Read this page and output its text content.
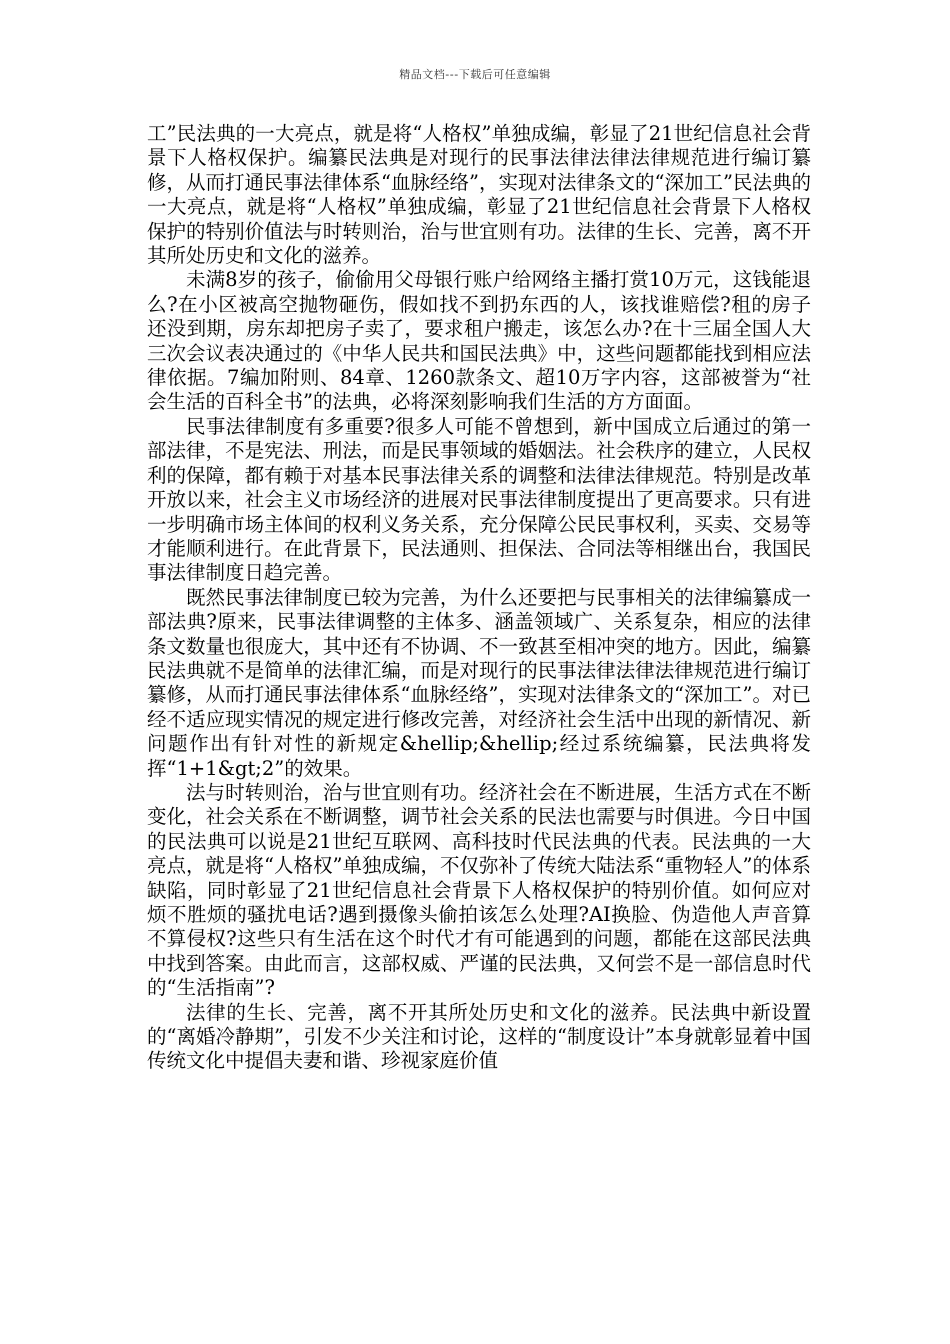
精品文档---下载后可任意编辑

工”民法典的一大亮点，就是将“人格权”单独成编，彰显了21世纪信息社会背景下人格权保护。编纂民法典是对现行的民事法律法律法律规范进行编订纂修，从而打通民事法律体系“血脉经络”，实现对法律条文的“深加工”民法典的一大亮点，就是将“人格权”单独成编，彰显了21世纪信息社会背景下人格权保护的特别价值法与时转则治，治与世宜则有功。法律的生长、完善，离不开其所处历史和文化的滋养。

未满8岁的孩子，偷偷用父母银行账户给网络主播打赏10万元，这钱能退么?在小区被高空抛物砸伤，假如找不到扔东西的人，该找谁赔偿?租的房子还没到期，房东却把房子卖了，要求租户搬走，该怎么办?在十三届全国人大三次会议表决通过的《中华人民共和国民法典》中，这些问题都能找到相应法律依据。7编加附则、84章、1260款条文、超10万字内容，这部被誉为“社会生活的百科全书”的法典，必将深刻影响我们生活的方方面面。

民事法律制度有多重要?很多人可能不曾想到，新中国成立后通过的第一部法律，不是宪法、刑法，而是民事领域的婚姻法。社会秩序的建立，人民权利的保障，都有赖于对基本民事法律关系的调整和法律法律规范。特别是改革开放以来，社会主义市场经济的进展对民事法律制度提出了更高要求。只有进一步明确市场主体间的权利义务关系，充分保障公民民事权利，买卖、交易等才能顺利进行。在此背景下，民法通则、担保法、合同法等相继出台，我国民事法律制度日趋完善。

既然民事法律制度已较为完善，为什么还要把与民事相关的法律编纂成一部法典?原来，民事法律调整的主体多、涵盖领域广、关系复杂，相应的法律条文数量也很庞大，其中还有不协调、不一致甚至相冲突的地方。因此，编纂民法典就不是简单的法律汇编，而是对现行的民事法律法律法律规范进行编订纂修，从而打通民事法律体系“血脉经络”，实现对法律条文的“深加工”。对已经不适应现实情况的规定进行修改完善，对经济社会生活中出现的新情况、新问题作出有针对性的新规定&hellip;&hellip;经过系统编纂，民法典将发挥“1+1&gt;2”的效果。

法与时转则治，治与世宜则有功。经济社会在不断进展，生活方式在不断变化，社会关系在不断调整，调节社会关系的民法也需要与时俱进。今日中国的民法典可以说是21世纪互联网、高科技时代民法典的代表。民法典的一大亮点，就是将“人格权”单独成编，不仅弥补了传统大陆法系“重物轻人”的体系缺陷，同时彰显了21世纪信息社会背景下人格权保护的特别价值。如何应对烦不胜烦的骚扰电话?遇到摄像头偷拍该怎么处理?AI换脸、伪造他人声音算不算侵权?这些只有生活在这个时代才有可能遇到的问题，都能在这部民法典中找到答案。由此而言，这部权威、严谨的民法典，又何尝不是一部信息时代的“生活指南”?

法律的生长、完善，离不开其所处历史和文化的滋养。民法典中新设置的“离婚冷静期”，引发不少关注和讨论，这样的“制度设计”本身就彰显着中国传统文化中提倡夫妻和谐、珍视家庭价值
